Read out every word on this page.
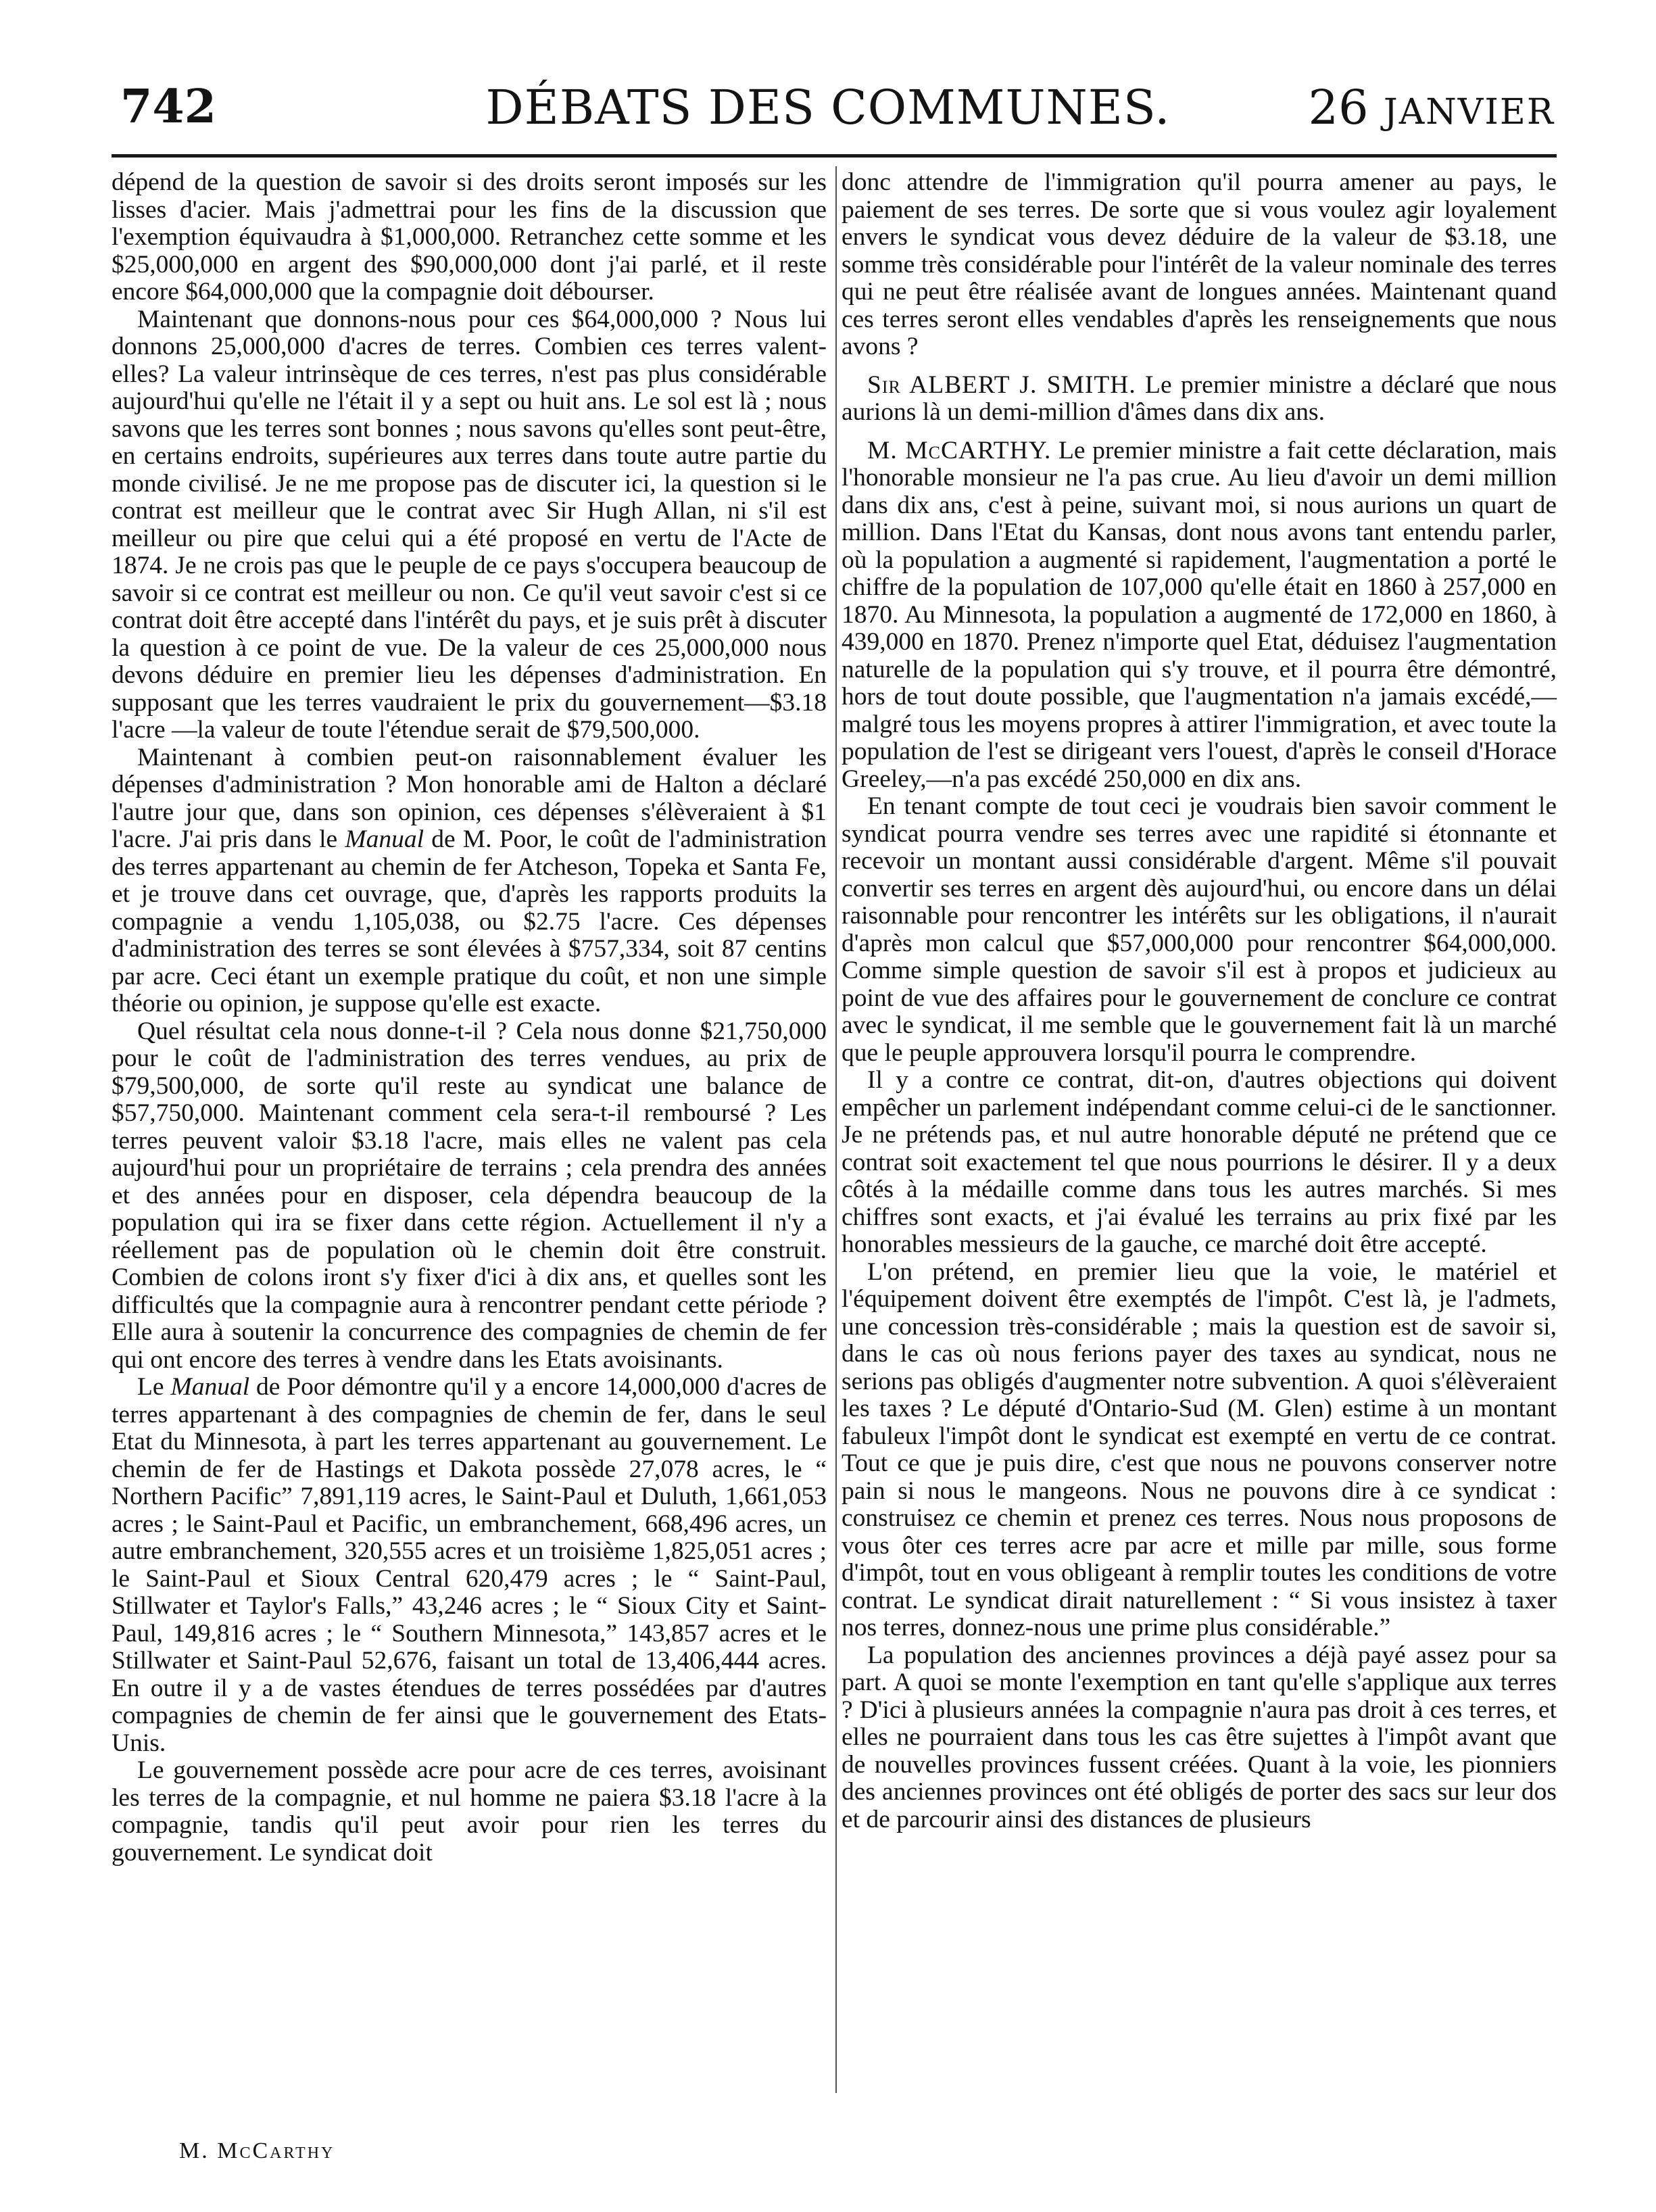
742	DÉBATS DES COMMUNES.	26 JANVIER

dépend de la question de savoir si des droits seront imposés sur les lisses d'acier. Mais j'admettrai pour les fins de la discussion que l'exemption équivaudra à $1,000,000. Retranchez cette somme et les $25,000,000 en argent des $90,000,000 dont j'ai parlé, et il reste encore $64,000,000 que la compagnie doit débourser.

Maintenant que donnons-nous pour ces $64,000,000 ? Nous lui donnons 25,000,000 d'acres de terres. Combien ces terres valent-elles? La valeur intrinsèque de ces terres, n'est pas plus considérable aujourd'hui qu'elle ne l'était il y a sept ou huit ans. Le sol est là ; nous savons que les terres sont bonnes ; nous savons qu'elles sont peut-être, en certains endroits, supérieures aux terres dans toute autre partie du monde civilisé. Je ne me propose pas de discuter ici, la question si le contrat est meilleur que le contrat avec Sir Hugh Allan, ni s'il est meilleur ou pire que celui qui a été proposé en vertu de l'Acte de 1874. Je ne crois pas que le peuple de ce pays s'occupera beaucoup de savoir si ce contrat est meilleur ou non. Ce qu'il veut savoir c'est si ce contrat doit être accepté dans l'intérêt du pays, et je suis prêt à discuter la question à ce point de vue. De la valeur de ces 25,000,000 nous devons déduire en premier lieu les dépenses d'administration. En supposant que les terres vaudraient le prix du gouvernement—$3.18 l'acre —la valeur de toute l'étendue serait de $79,500,000.

Maintenant à combien peut-on raisonnablement évaluer les dépenses d'administration ? Mon honorable ami de Halton a déclaré l'autre jour que, dans son opinion, ces dépenses s'élèveraient à $1 l'acre. J'ai pris dans le Manual de M. Poor, le coût de l'administration des terres appartenant au chemin de fer Atcheson, Topeka et Santa Fe, et je trouve dans cet ouvrage, que, d'après les rapports produits la compagnie a vendu 1,105,038, ou $2.75 l'acre. Ces dépenses d'administration des terres se sont élevées à $757,334, soit 87 centins par acre. Ceci étant un exemple pratique du coût, et non une simple théorie ou opinion, je suppose qu'elle est exacte.

Quel résultat cela nous donne-t-il ? Cela nous donne $21,750,000 pour le coût de l'administration des terres vendues, au prix de $79,500,000, de sorte qu'il reste au syndicat une balance de $57,750,000. Maintenant comment cela sera-t-il remboursé ? Les terres peuvent valoir $3.18 l'acre, mais elles ne valent pas cela aujourd'hui pour un propriétaire de terrains ; cela prendra des années et des années pour en disposer, cela dépendra beaucoup de la population qui ira se fixer dans cette région. Actuellement il n'y a réellement pas de population où le chemin doit être construit. Combien de colons iront s'y fixer d'ici à dix ans, et quelles sont les difficultés que la compagnie aura à rencontrer pendant cette période ? Elle aura à soutenir la concurrence des compagnies de chemin de fer qui ont encore des terres à vendre dans les Etats avoisinants.

Le Manual de Poor démontre qu'il y a encore 14,000,000 d'acres de terres appartenant à des compagnies de chemin de fer, dans le seul Etat du Minnesota, à part les terres appartenant au gouvernement. Le chemin de fer de Hastings et Dakota possède 27,078 acres, le “ Northern Pacific” 7,891,119 acres, le Saint-Paul et Duluth, 1,661,053 acres ; le Saint-Paul et Pacific, un embranchement, 668,496 acres, un autre embranchement, 320,555 acres et un troisième 1,825,051 acres ; le Saint-Paul et Sioux Central 620,479 acres ; le “ Saint-Paul, Stillwater et Taylor's Falls,” 43,246 acres ; le “ Sioux City et Saint-Paul, 149,816 acres ; le “ Southern Minnesota,” 143,857 acres et le Stillwater et Saint-Paul 52,676, faisant un total de 13,406,444 acres. En outre il y a de vastes étendues de terres possédées par d'autres compagnies de chemin de fer ainsi que le gouvernement des Etats-Unis.

Le gouvernement possède acre pour acre de ces terres, avoisinant les terres de la compagnie, et nul homme ne paiera $3.18 l'acre à la compagnie, tandis qu'il peut avoir pour rien les terres du gouvernement. Le syndicat doit

donc attendre de l'immigration qu'il pourra amener au pays, le paiement de ses terres. De sorte que si vous voulez agir loyalement envers le syndicat vous devez déduire de la valeur de $3.18, une somme très considérable pour l'intérêt de la valeur nominale des terres qui ne peut être réalisée avant de longues années. Maintenant quand ces terres seront elles vendables d'après les renseignements que nous avons ?

Sir ALBERT J. SMITH. Le premier ministre a déclaré que nous aurions là un demi-million d'âmes dans dix ans.

M. McCARTHY. Le premier ministre a fait cette déclaration, mais l'honorable monsieur ne l'a pas crue. Au lieu d'avoir un demi million dans dix ans, c'est à peine, suivant moi, si nous aurions un quart de million. Dans l'Etat du Kansas, dont nous avons tant entendu parler, où la population a augmenté si rapidement, l'augmentation a porté le chiffre de la population de 107,000 qu'elle était en 1860 à 257,000 en 1870. Au Minnesota, la population a augmenté de 172,000 en 1860, à 439,000 en 1870. Prenez n'importe quel Etat, déduisez l'augmentation naturelle de la population qui s'y trouve, et il pourra être démontré, hors de tout doute possible, que l'augmentation n'a jamais excédé,—malgré tous les moyens propres à attirer l'immigration, et avec toute la population de l'est se dirigeant vers l'ouest, d'après le conseil d'Horace Greeley,—n'a pas excédé 250,000 en dix ans.

En tenant compte de tout ceci je voudrais bien savoir comment le syndicat pourra vendre ses terres avec une rapidité si étonnante et recevoir un montant aussi considérable d'argent. Même s'il pouvait convertir ses terres en argent dès aujourd'hui, ou encore dans un délai raisonnable pour rencontrer les intérêts sur les obligations, il n'aurait d'après mon calcul que $57,000,000 pour rencontrer $64,000,000. Comme simple question de savoir s'il est à propos et judicieux au point de vue des affaires pour le gouvernement de conclure ce contrat avec le syndicat, il me semble que le gouvernement fait là un marché que le peuple approuvera lorsqu'il pourra le comprendre.

Il y a contre ce contrat, dit-on, d'autres objections qui doivent empêcher un parlement indépendant comme celui-ci de le sanctionner. Je ne prétends pas, et nul autre honorable député ne prétend que ce contrat soit exactement tel que nous pourrions le désirer. Il y a deux côtés à la médaille comme dans tous les autres marchés. Si mes chiffres sont exacts, et j'ai évalué les terrains au prix fixé par les honorables messieurs de la gauche, ce marché doit être accepté.

L'on prétend, en premier lieu que la voie, le matériel et l'équipement doivent être exemptés de l'impôt. C'est là, je l'admets, une concession très-considérable ; mais la question est de savoir si, dans le cas où nous ferions payer des taxes au syndicat, nous ne serions pas obligés d'augmenter notre subvention. A quoi s'élèveraient les taxes ? Le député d'Ontario-Sud (M. Glen) estime à un montant fabuleux l'impôt dont le syndicat est exempté en vertu de ce contrat. Tout ce que je puis dire, c'est que nous ne pouvons conserver notre pain si nous le mangeons. Nous ne pouvons dire à ce syndicat : construisez ce chemin et prenez ces terres. Nous nous proposons de vous ôter ces terres acre par acre et mille par mille, sous forme d'impôt, tout en vous obligeant à remplir toutes les conditions de votre contrat. Le syndicat dirait naturellement : “ Si vous insistez à taxer nos terres, donnez-nous une prime plus considérable.”

La population des anciennes provinces a déjà payé assez pour sa part. A quoi se monte l'exemption en tant qu'elle s'applique aux terres ? D'ici à plusieurs années la compagnie n'aura pas droit à ces terres, et elles ne pourraient dans tous les cas être sujettes à l'impôt avant que de nouvelles provinces fussent créées. Quant à la voie, les pionniers des anciennes provinces ont été obligés de porter des sacs sur leur dos et de parcourir ainsi des distances de plusieurs

M. McCarthy
